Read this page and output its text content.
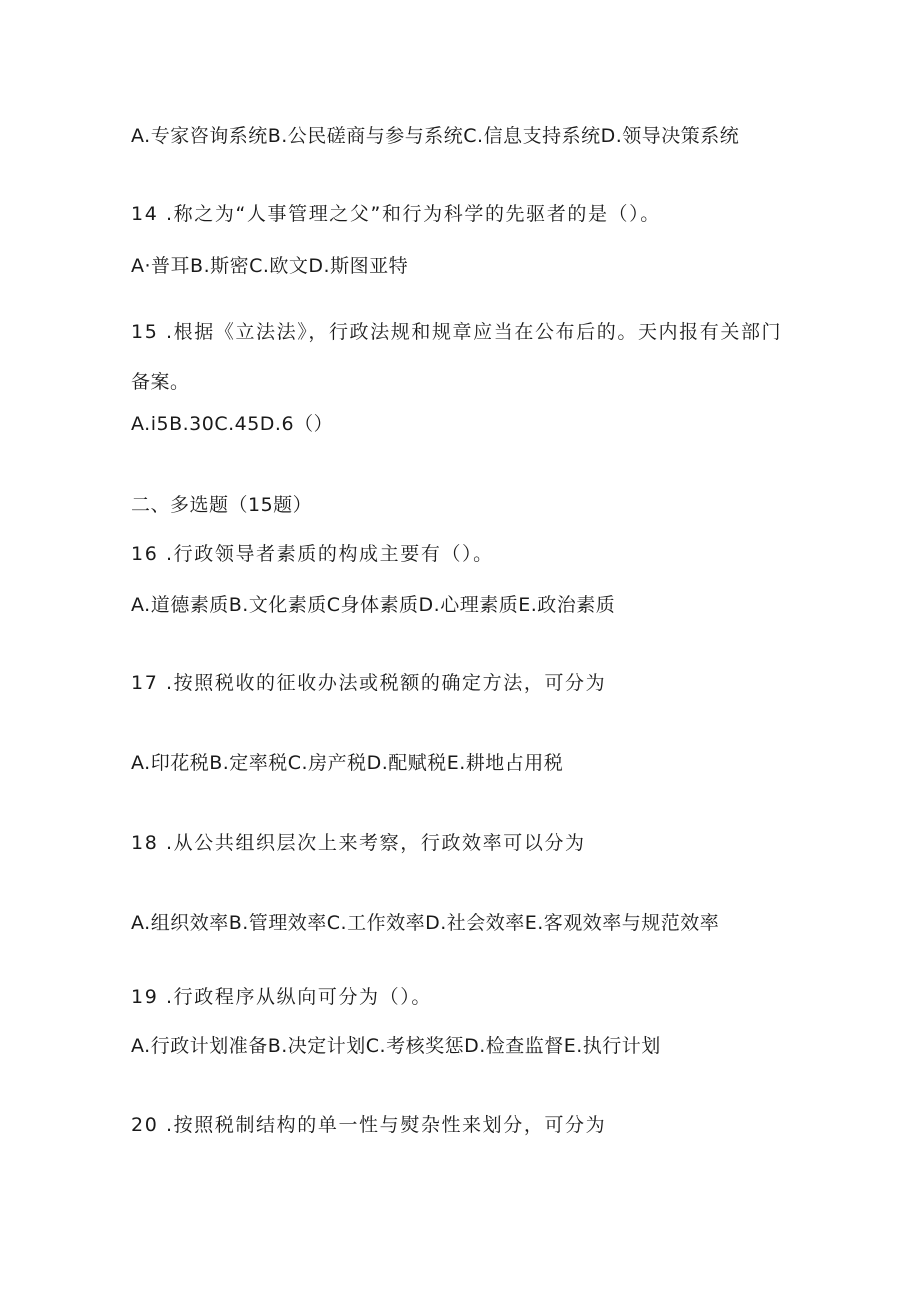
A.专家咨询系统B.公民磋商与参与系统C.信息支持系统D.领导决策系统
14 .称之为“人事管理之父”和行为科学的先驱者的是（）。
A·普耳B.斯密C.欧文D.斯图亚特
15 .根据《立法法》，行政法规和规章应当在公布后的。天内报有关部门
备案。
A.i5B.30C.45D.6（）
二、多选题（15题）
16 .行政领导者素质的构成主要有（）。
A.道德素质B.文化素质C身体素质D.心理素质E.政治素质
17 .按照税收的征收办法或税额的确定方法，可分为
A.印花税B.定率税C.房产税D.配赋税E.耕地占用税
18 .从公共组织层次上来考察，行政效率可以分为
A.组织效率B.管理效率C.工作效率D.社会效率E.客观效率与规范效率
19 .行政程序从纵向可分为（）。
A.行政计划准备B.决定计划C.考核奖惩D.检查监督E.执行计划
20 .按照税制结构的单一性与熨杂性来划分，可分为
